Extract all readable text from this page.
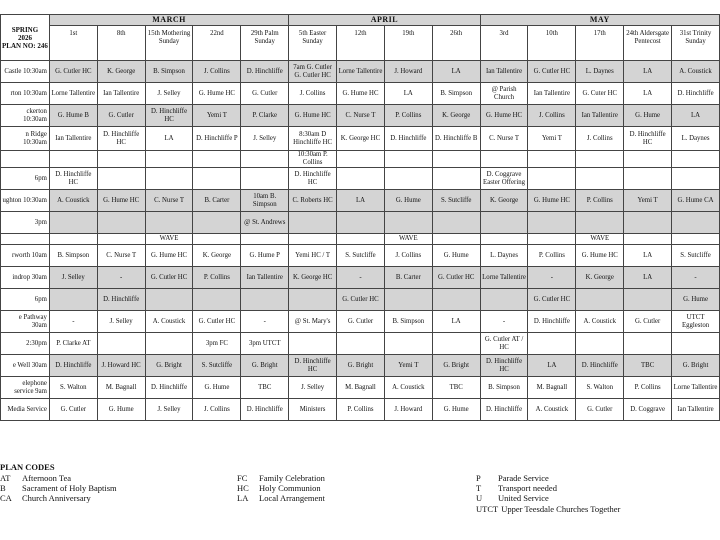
SPRING
2026
PLAN NO: 246	MARCH					APRIL				MAY				
	1st	8th	15th Mothering Sunday	22nd	29th Palm Sunday	5th Easter Sunday	12th	19th	26th	3rd	10th	17th	24th Aldersgate Pentecost	31st Trinity Sunday
Castle 10:30am	G. Cutler HC	K. George	B. Simpson	J. Collins	D. Hinchliffe	7am G. Cutler G. Cutler HC	Lorne Tallentire	J. Howard	LA	Ian Tallentire	G. Cutler HC	L. Daynes	LA	A. Coustick
rton 10:30am	Lorne Tallentire	Ian Tallentire	J. Selley	G. Hume HC	G. Cutler	J. Collins	G. Hume HC	LA	B. Simpson	@ Parish Church	Ian Tallentire	G. Cuter HC	LA	D. Hinchliffe
ckerton 10:30am	G. Hume B	G. Cutler	D. Hinchliffe HC	Yemi T	P. Clarke	G. Hume HC	C. Nurse T	P. Collins	K. George	G. Hume HC	J. Collins	Ian Tallentire	G. Hume	LA
n Ridge 10:30am	Ian Tallentire	D. Hinchliffe HC	LA	D. Hinchliffe P	J. Selley	8:30am D Hinchliffe HC	K. George HC	D. Hinchliffe	D. Hinchliffe B	C. Nurse T	Yemi T	J. Collins	D. Hinchliffe HC	L. Daynes
						10:30am P. Collins								
6pm	D. Hinchliffe HC					D. Hinchliffe HC				D. Coggrave Easter Offering				
ughton 10:30am	A. Coustick	G. Hume HC	C. Nurse T	B. Carter	10am B. Simpson	C. Roberts HC	LA	G. Hume	S. Sutcliffe	K. George	G. Hume HC	P. Collins	Yemi T	G. Hume CA
3pm					@ St. Andrews									
			WAVE					WAVE				WAVE		
rworth 10am	B. Simpson	C. Nurse T	G. Hume HC	K. George	G. Hume P	Yemi HC / T	S. Sutcliffe	J. Collins	G. Hume	L. Daynes	P. Collins	G. Hume HC	LA	S. Sutcliffe
indrop 30am	J. Selley	-	G. Cutler HC	P. Collins	Ian Tallentire	K. George HC	-	B. Carter	G. Cutler HC	Lorne Tallentire	-	K. George	LA	-
6pm		D. Hinchliffe					G. Cutler HC				G. Cutler HC			G. Hume
e Pathway 30am	-	J. Selley	A. Coustick	G. Cutler HC	-	@ St. Mary's	G. Cutler	B. Simpson	LA	-	D. Hinchliffe	A. Coustick	G. Cutler	UTCT Eggleston
2:30pm	P. Clarke AT			3pm FC	3pm UTCT					G. Cutler AT / HC				
e Well 30am	D. Hinchliffe	J. Howard HC	G. Bright	S. Sutcliffe	G. Bright	D. Hinchliffe HC	G. Bright	Yemi T	G. Bright	D. Hinchliffe HC	LA	D. Hinchliffe	TBC	G. Bright
elephone service 9am	S. Walton	M. Bagnall	D. Hinchliffe	G. Hume	TBC	J. Selley	M. Bagnall	A. Coustick	TBC	B. Simpson	M. Bagnall	S. Walton	P. Collins	Lorne Tallentire
Media Service	G. Cutler	G. Hume	J. Selley	J. Collins	D. Hinchliffe	Ministers	P. Collins	J. Howard	G. Hume	D. Hinchliffe	A. Coustick	G. Cutler	D. Coggrave	Ian Tallentire
PLAN CODES
AT Afternoon Tea
B Sacrament of Holy Baptism
CA Church Anniversary
FC Family Celebration
HC Holy Communion
LA Local Arrangement
P Parade Service
T Transport needed
U United Service
UTCT Upper Teesdale Churches Together
